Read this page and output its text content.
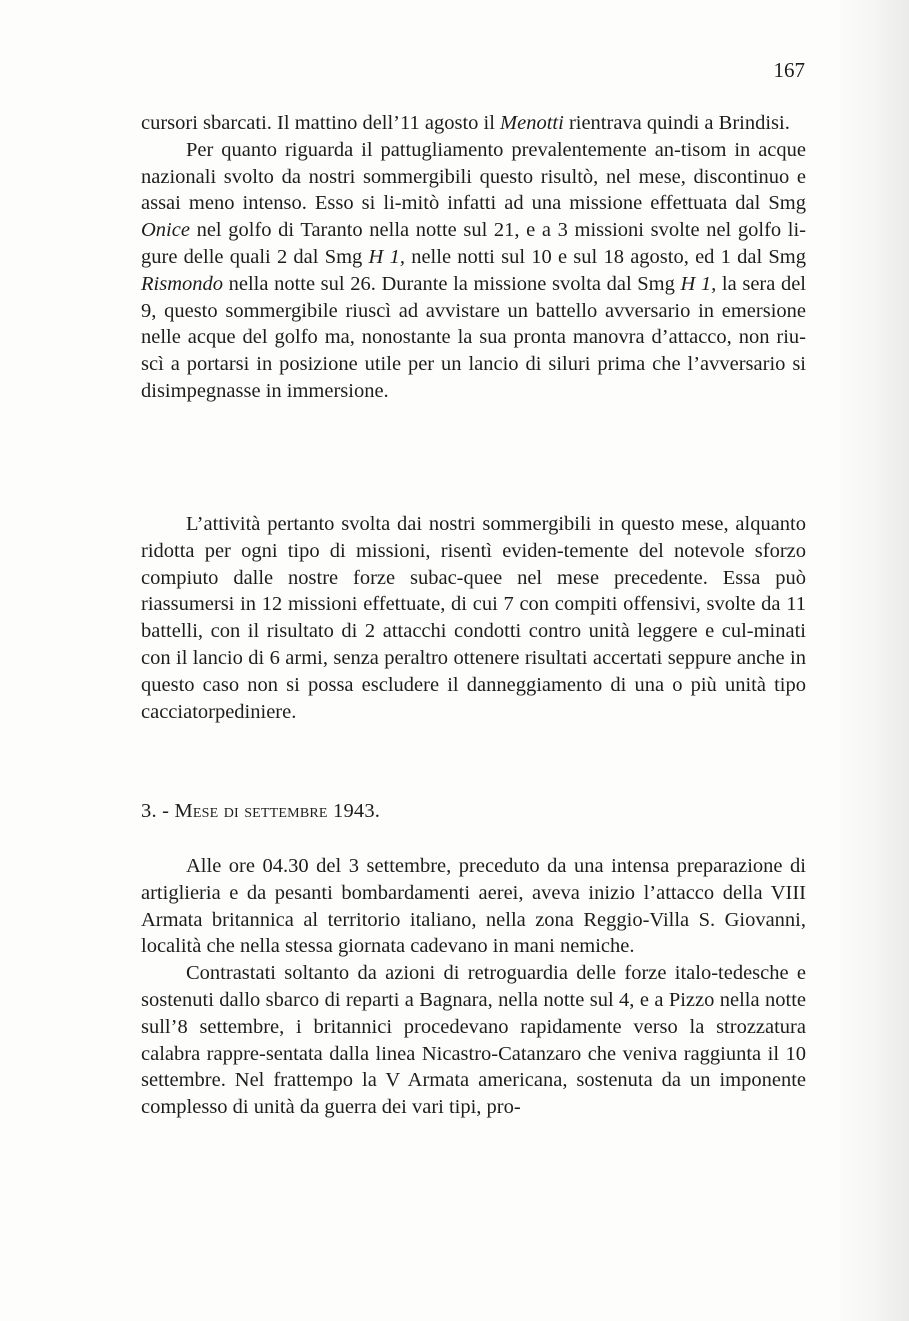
167

cursori sbarcati. Il mattino dell’11 agosto il Menotti rientrava quindi a Brindisi.

Per quanto riguarda il pattugliamento prevalentemente an-tisom in acque nazionali svolto da nostri sommergibili questo risultò, nel mese, discontinuo e assai meno intenso. Esso si li-mitò infatti ad una missione effettuata dal Smg Onice nel golfo di Taranto nella notte sul 21, e a 3 missioni svolte nel golfo li-gure delle quali 2 dal Smg H 1, nelle notti sul 10 e sul 18 agosto, ed 1 dal Smg Rismondo nella notte sul 26. Durante la missione svolta dal Smg H 1, la sera del 9, questo sommergibile riuscì ad avvistare un battello avversario in emersione nelle acque del golfo ma, nonostante la sua pronta manovra d’attacco, non riu-scì a portarsi in posizione utile per un lancio di siluri prima che l’avversario si disimpegnasse in immersione.

L’attività pertanto svolta dai nostri sommergibili in questo mese, alquanto ridotta per ogni tipo di missioni, risentì eviden-temente del notevole sforzo compiuto dalle nostre forze subac-quee nel mese precedente. Essa può riassumersi in 12 missioni effettuate, di cui 7 con compiti offensivi, svolte da 11 battelli, con il risultato di 2 attacchi condotti contro unità leggere e cul-minati con il lancio di 6 armi, senza peraltro ottenere risultati accertati seppure anche in questo caso non si possa escludere il danneggiamento di una o più unità tipo cacciatorpediniere.

3. - Mese di settembre 1943.

Alle ore 04.30 del 3 settembre, preceduto da una intensa preparazione di artiglieria e da pesanti bombardamenti aerei, aveva inizio l’attacco della VIII Armata britannica al territorio italiano, nella zona Reggio-Villa S. Giovanni, località che nella stessa giornata cadevano in mani nemiche.

Contrastati soltanto da azioni di retroguardia delle forze italo-tedesche e sostenuti dallo sbarco di reparti a Bagnara, nella notte sul 4, e a Pizzo nella notte sull’8 settembre, i britannici procedevano rapidamente verso la strozzatura calabra rappre-sentata dalla linea Nicastro-Catanzaro che veniva raggiunta il 10 settembre. Nel frattempo la V Armata americana, sostenuta da un imponente complesso di unità da guerra dei vari tipi, pro-
